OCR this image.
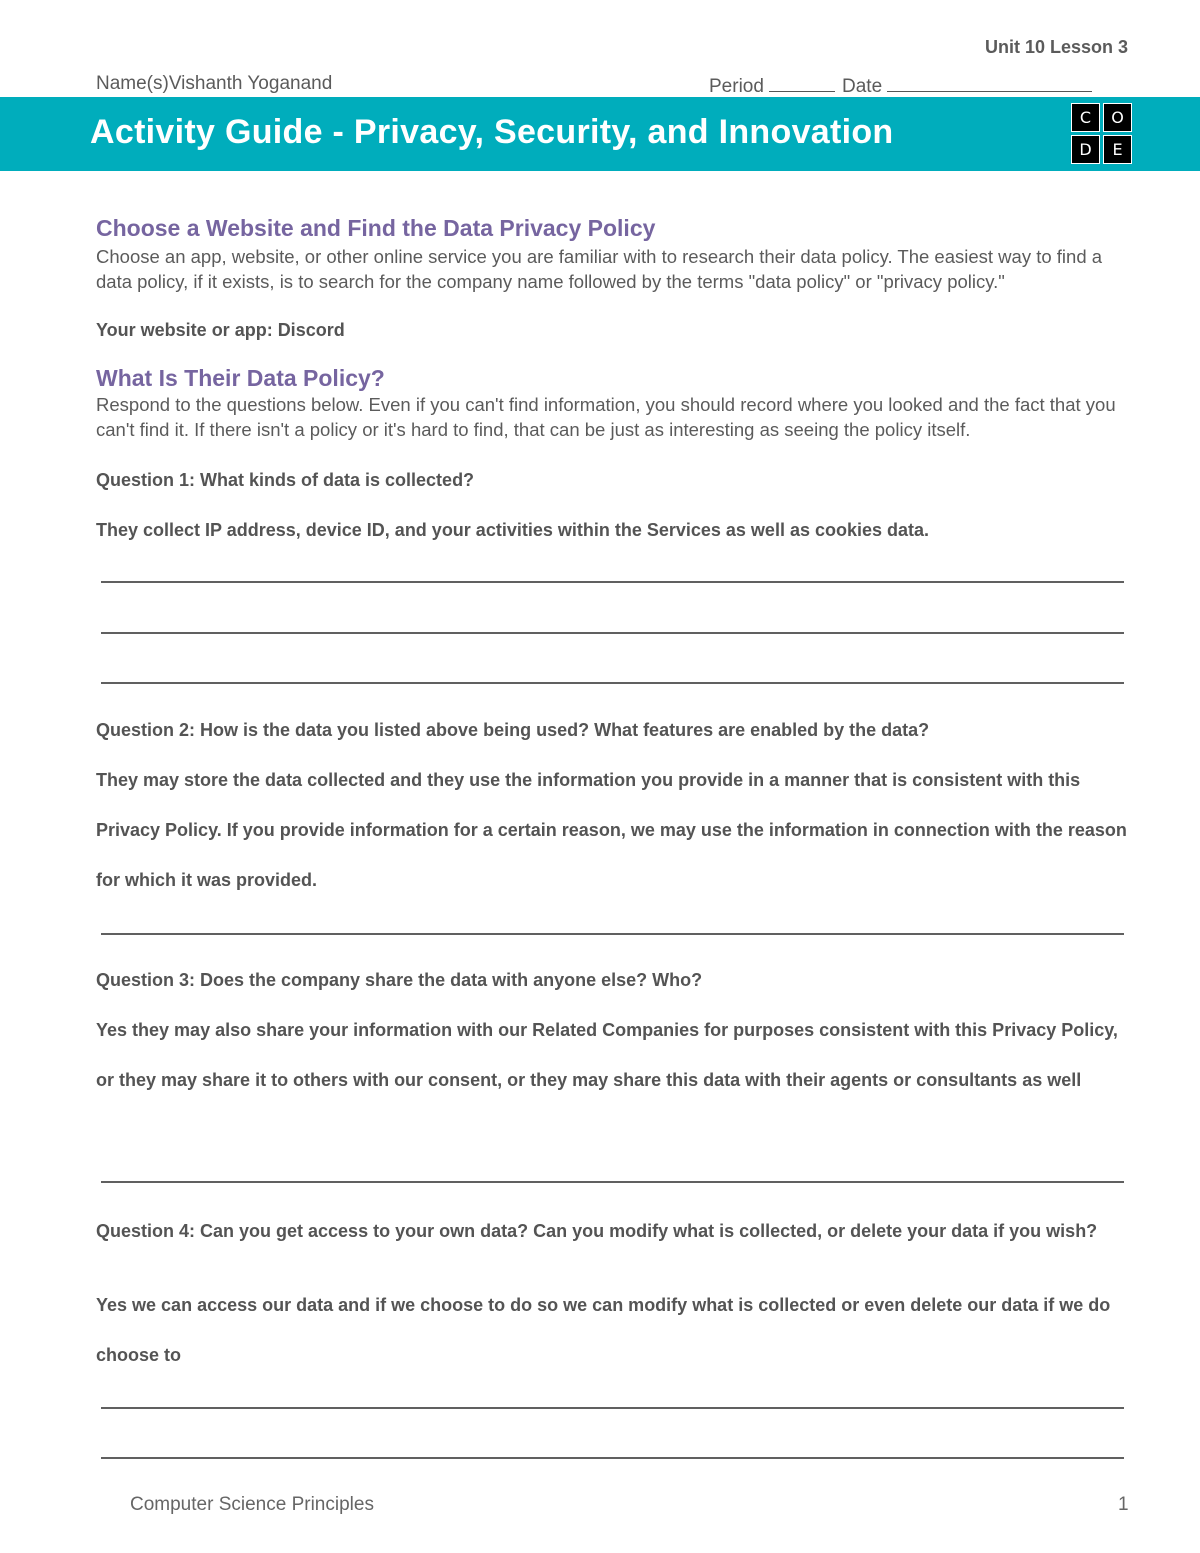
Unit 10 Lesson 3
Name(s)Vishanth Yoganand	Period	Date
Activity Guide - Privacy, Security, and Innovation	C	O
D	E
Choose a Website and Find the Data Privacy Policy
Choose an app, website, or other online service you are familiar with to research their data policy. The easiest way to find a data policy, if it exists, is to search for the company name followed by the terms "data policy" or "privacy policy."
Your website or app: Discord
What Is Their Data Policy?
Respond to the questions below. Even if you can't find information, you should record where you looked and the fact that you can't find it. If there isn't a policy or it's hard to find, that can be just as interesting as seeing the policy itself.
Question 1: What kinds of data is collected?
They collect IP address, device ID, and your activities within the Services as well as cookies data.
Question 2: How is the data you listed above being used? What features are enabled by the data?
They may store the data collected and they use the information you provide in a manner that is consistent with this Privacy Policy. If you provide information for a certain reason, we may use the information in connection with the reason for which it was provided.
Question 3: Does the company share the data with anyone else? Who?
Yes they may also share your information with our Related Companies for purposes consistent with this Privacy Policy, or they may share it to others with our consent, or they may share this data with their agents or consultants as well
Question 4: Can you get access to your own data? Can you modify what is collected, or delete your data if you wish?
Yes we can access our data and if we choose to do so we can modify what is collected or even delete our data if we do choose to
Computer Science Principles	1
